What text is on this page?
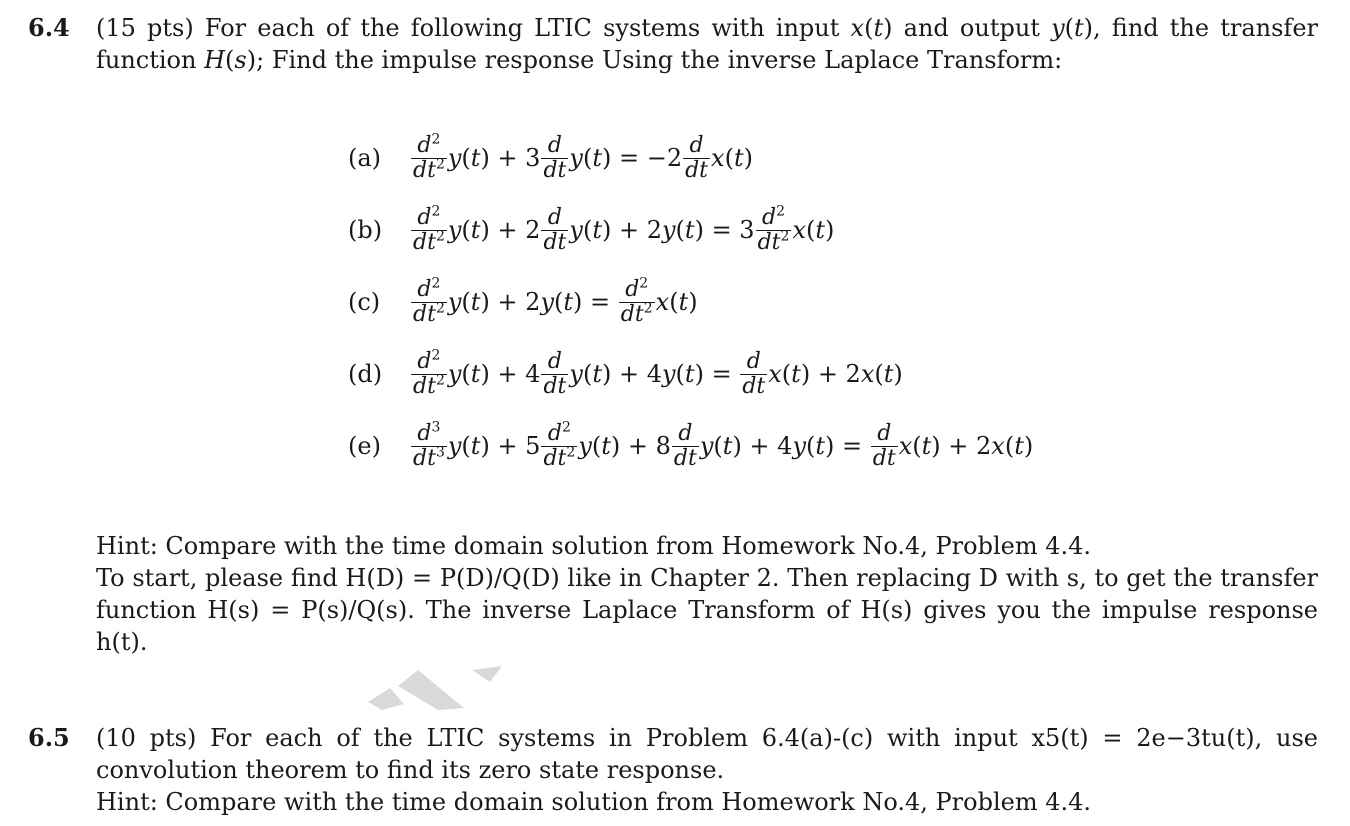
6.4 (15 pts) For each of the following LTIC systems with input x(t) and output y(t), find the transfer function H(s); Find the impulse response Using the inverse Laplace Transform:
(a)	$\frac{d^2}{dt^2} y(t) + 3 \frac{d}{dt} y(t) = -2 \frac{d}{dt} x(t)$
(b)	$\frac{d^2}{dt^2} y(t) + 2 \frac{d}{dt} y(t) + 2y(t) = 3 \frac{d^2}{dt^2} x(t)$
(c)	$\frac{d^2}{dt^2} y(t) + 2y(t) = \frac{d^2}{dt^2} x(t)$
(d)	$\frac{d^2}{dt^2} y(t) + 4 \frac{d}{dt} y(t) + 4y(t) = \frac{d}{dt} x(t) + 2x(t)$
(e)	$\frac{d^3}{dt^3} y(t) + 5 \frac{d^2}{dt^2} y(t) + 8 \frac{d}{dt} y(t) + 4y(t) = \frac{d}{dt} x(t) + 2x(t)$
Hint: Compare with the time domain solution from Homework No.4, Problem 4.4.
To start, please find H(D) = P(D)/Q(D) like in Chapter 2. Then replacing D with s, to get the transfer function H(s) = P(s)/Q(s). The inverse Laplace Transform of H(s) gives you the impulse response h(t).
6.5 (10 pts) For each of the LTIC systems in Problem 6.4(a)-(c) with input x5(t) = 2e−3tu(t), use convolution theorem to find its zero state response.
Hint: Compare with the time domain solution from Homework No.4, Problem 4.4.
